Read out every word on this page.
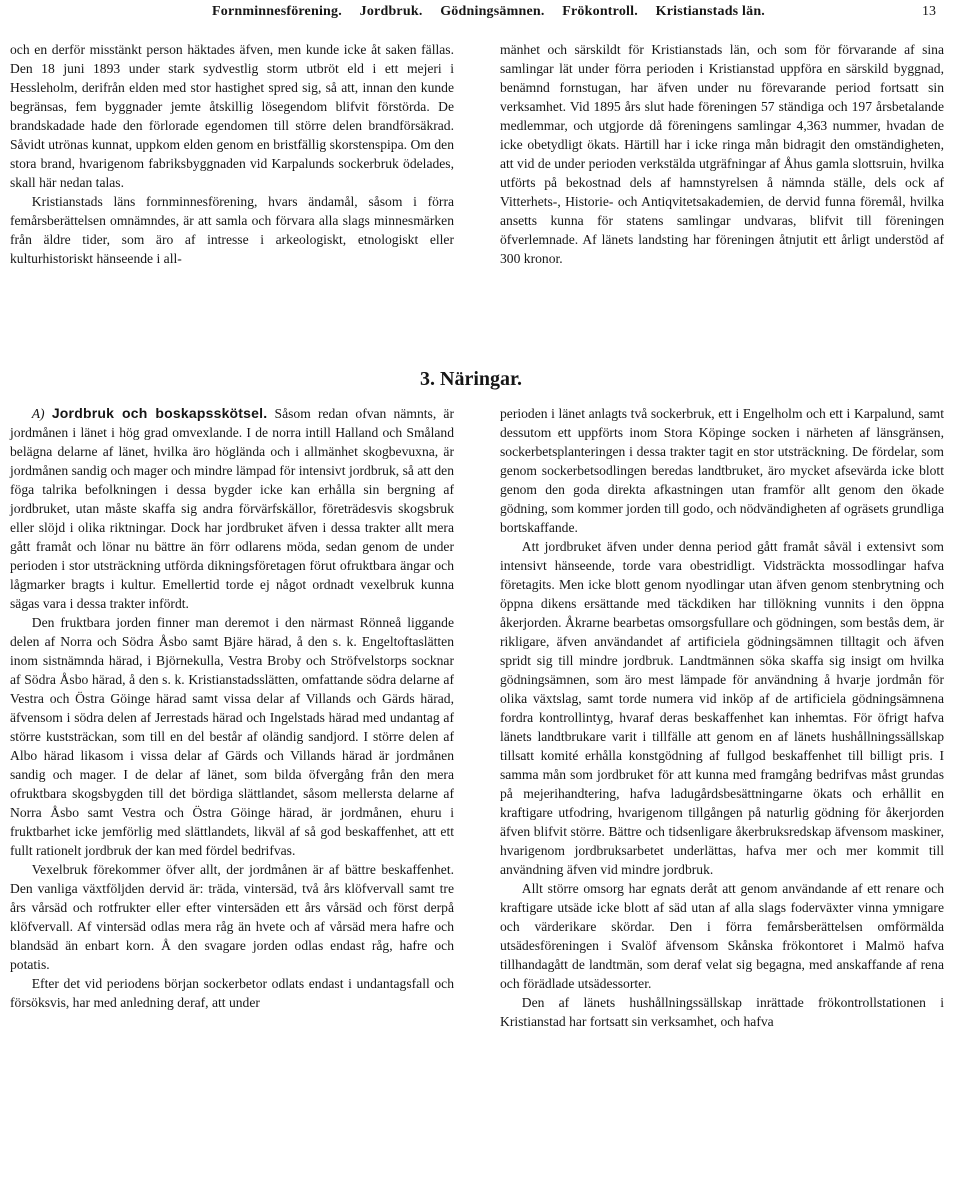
Fornminnesförening. Jordbruk. Gödningsämnen. Frökontroll. Kristianstads län.	13

och en derför misstänkt person häktades äfven, men kunde icke åt saken fällas. Den 18 juni 1893 under stark sydvestlig storm utbröt eld i ett mejeri i Hessleholm, derifrån elden med stor hastighet spred sig, så att, innan den kunde begränsas, fem byggnader jemte åtskillig lösegendom blifvit förstörda. De brandskadade hade den förlorade egendomen till större delen brandförsäkrad. Såvidt utrönas kunnat, uppkom elden genom en bristfällig skorstenspipa. Om den stora brand, hvarigenom fabriksbyggnaden vid Karpalunds sockerbruk ödelades, skall här nedan talas.

Kristianstads läns fornminnesförening, hvars ändamål, såsom i förra femårsberättelsen omnämndes, är att samla och förvara alla slags minnesmärken från äldre tider, som äro af intresse i arkeologiskt, etnologiskt eller kulturhistoriskt hänseende i all-

mänhet och särskildt för Kristianstads län, och som för förvarande af sina samlingar lät under förra perioden i Kristianstad uppföra en särskild byggnad, benämnd fornstugan, har äfven under nu förevarande period fortsatt sin verksamhet. Vid 1895 års slut hade föreningen 57 ständiga och 197 årsbetalande medlemmar, och utgjorde då föreningens samlingar 4,363 nummer, hvadan de icke obetydligt ökats. Härtill har i icke ringa mån bidragit den omständigheten, att vid de under perioden verkstälda utgräfningar af Åhus gamla slottsruin, hvilka utförts på bekostnad dels af hamnstyrelsen å nämnda ställe, dels ock af Vitterhets-, Historie- och Antiqvitetsakademien, de dervid funna föremål, hvilka ansetts kunna för statens samlingar undvaras, blifvit till föreningen öfverlemnade. Af länets landsting har föreningen åtnjutit ett årligt understöd af 300 kronor.

3. Näringar.

A) Jordbruk och boskapsskötsel. Såsom redan ofvan nämnts, är jordmånen i länet i hög grad omvexlande. I de norra intill Halland och Småland belägna delarne af länet, hvilka äro höglända och i allmänhet skogbevuxna, är jordmånen sandig och mager och mindre lämpad för intensivt jordbruk, så att den föga talrika befolkningen i dessa bygder icke kan erhålla sin bergning af jordbruket, utan måste skaffa sig andra förvärfskällor, företrädesvis skogsbruk eller slöjd i olika riktningar. Dock har jordbruket äfven i dessa trakter allt mera gått framåt och lönar nu bättre än förr odlarens möda, sedan genom de under perioden i stor utsträckning utförda dikningsföretagen förut ofruktbara ängar och lågmarker bragts i kultur. Emellertid torde ej något ordnadt vexelbruk kunna sägas vara i dessa trakter infördt.

Den fruktbara jorden finner man deremot i den närmast Rönneå liggande delen af Norra och Södra Åsbo samt Bjäre härad, å den s. k. Engeltoftaslätten inom sistnämnda härad, i Björnekulla, Vestra Broby och Ströfvelstorps socknar af Södra Åsbo härad, å den s. k. Kristianstadsslätten, omfattande södra delarne af Vestra och Östra Göinge härad samt vissa delar af Villands och Gärds härad, äfvensom i södra delen af Jerrestads härad och Ingelstads härad med undantag af större kuststräckan, som till en del består af oländig sandjord. I större delen af Albo härad likasom i vissa delar af Gärds och Villands härad är jordmånen sandig och mager. I de delar af länet, som bilda öfvergång från den mera ofruktbara skogsbygden till det bördiga slättlandet, såsom mellersta delarne af Norra Åsbo samt Vestra och Östra Göinge härad, är jordmånen, ehuru i fruktbarhet icke jemförlig med slättlandets, likväl af så god beskaffenhet, att ett fullt rationelt jordbruk der kan med fördel bedrifvas.

Vexelbruk förekommer öfver allt, der jordmånen är af bättre beskaffenhet. Den vanliga växtföljden dervid är: träda, vintersäd, två års klöfvervall samt tre års vårsäd och rotfrukter eller efter vintersäden ett års vårsäd och först derpå klöfvervall. Af vintersäd odlas mera råg än hvete och af vårsäd mera hafre och blandsäd än enbart korn. Å den svagare jorden odlas endast råg, hafre och potatis.

Efter det vid periodens början sockerbetor odlats endast i undantagsfall och försöksvis, har med anledning deraf, att under

perioden i länet anlagts två sockerbruk, ett i Engelholm och ett i Karpalund, samt dessutom ett uppförts inom Stora Köpinge socken i närheten af länsgränsen, sockerbetsplanteringen i dessa trakter tagit en stor utsträckning. De fördelar, som genom sockerbetsodlingen beredas landtbruket, äro mycket afsevärda icke blott genom den goda direkta afkastningen utan framför allt genom den ökade gödning, som kommer jorden till godo, och nödvändigheten af ogräsets grundliga bortskaffande.

Att jordbruket äfven under denna period gått framåt såväl i extensivt som intensivt hänseende, torde vara obestridligt. Vidsträckta mossodlingar hafva företagits. Men icke blott genom nyodlingar utan äfven genom stenbrytning och öppna dikens ersättande med täckdiken har tillökning vunnits i den öppna åkerjorden. Åkrarne bearbetas omsorgsfullare och gödningen, som bestås dem, är rikligare, äfven användandet af artificiela gödningsämnen tilltagit och äfven spridt sig till mindre jordbruk. Landtmännen söka skaffa sig insigt om hvilka gödningsämnen, som äro mest lämpade för användning å hvarje jordmån för olika växtslag, samt torde numera vid inköp af de artificiela gödningsämnena fordra kontrollintyg, hvaraf deras beskaffenhet kan inhemtas. För öfrigt hafva länets landtbrukare varit i tillfälle att genom en af länets hushållningssällskap tillsatt komité erhålla konstgödning af fullgod beskaffenhet till billigt pris. I samma mån som jordbruket för att kunna med framgång bedrifvas måst grundas på mejerihandtering, hafva ladugårdsbesättningarne ökats och erhållit en kraftigare utfodring, hvarigenom tillgången på naturlig gödning för åkerjorden äfven blifvit större. Bättre och tidsenligare åkerbruksredskap äfvensom maskiner, hvarigenom jordbruksarbetet underlättas, hafva mer och mer kommit till användning äfven vid mindre jordbruk.

Allt större omsorg har egnats deråt att genom användande af ett renare och kraftigare utsäde icke blott af säd utan af alla slags foderväxter vinna ymnigare och värderikare skördar. Den i förra femårsberättelsen omförmälda utsädesföreningen i Svalöf äfvensom Skånska frökontoret i Malmö hafva tillhandagått de landtmän, som deraf velat sig begagna, med anskaffande af rena och förädlade utsädessorter.

Den af länets hushållningssällskap inrättade frökontrollstationen i Kristianstad har fortsatt sin verksamhet, och hafva
